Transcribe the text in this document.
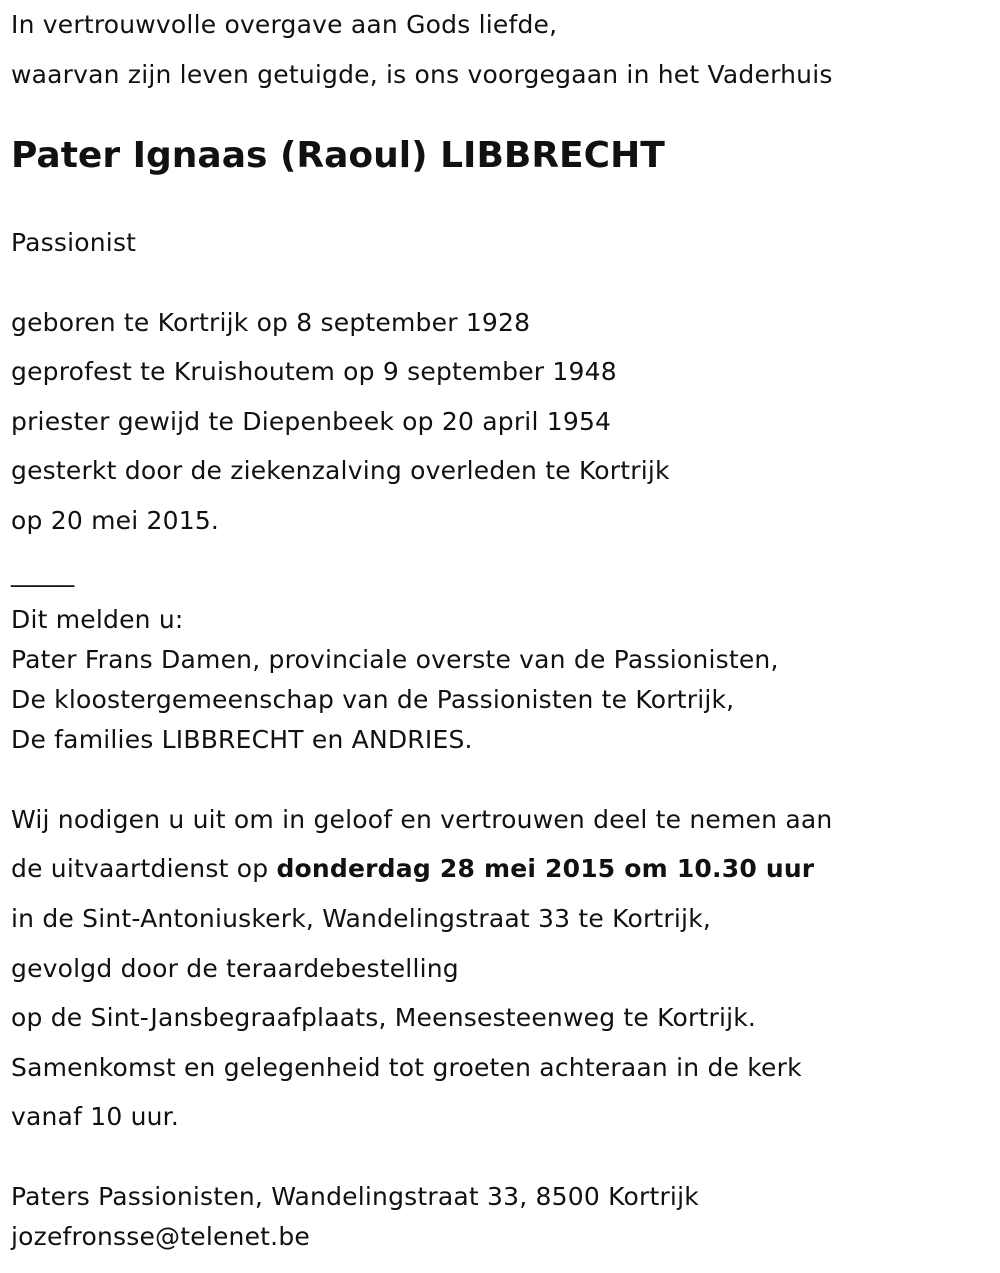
In vertrouwvolle overgave aan Gods liefde,
waarvan zijn leven getuigde, is ons voorgegaan in het Vaderhuis
Pater Ignaas (Raoul) LIBBRECHT
Passionist
geboren te Kortrijk op 8 september 1928
geprofest te Kruishoutem op 9 september 1948
priester gewijd te Diepenbeek op 20 april 1954
gesterkt door de ziekenzalving overleden te Kortrijk
op 20 mei 2015.
_____
Dit melden u:
Pater Frans Damen, provinciale overste van de Passionisten,
De kloostergemeenschap van de Passionisten te Kortrijk,
De families LIBBRECHT en ANDRIES.
Wij nodigen u uit om in geloof en vertrouwen deel te nemen aan
de uitvaartdienst op donderdag 28 mei 2015 om 10.30 uur
in de Sint-Antoniuskerk, Wandelingstraat 33 te Kortrijk,
gevolgd door de teraardebestelling
op de Sint-Jansbegraafplaats, Meensesteenweg te Kortrijk.
Samenkomst en gelegenheid tot groeten achteraan in de kerk
vanaf 10 uur.
Paters Passionisten, Wandelingstraat 33, 8500 Kortrijk
jozefronsse@telenet.be
